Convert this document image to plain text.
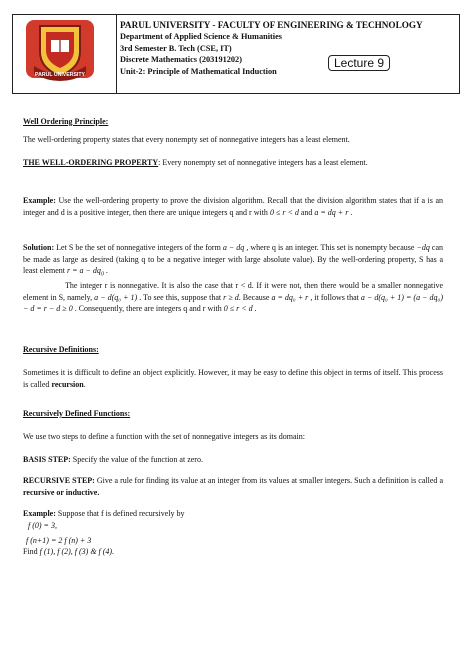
PARUL UNIVERSITY
PARUL UNIVERSITY - FACULTY OF ENGINEERING & TECHNOLOGY
Department of Applied Science & Humanities
3rd Semester B. Tech (CSE, IT)
Discrete Mathematics (203191202)
Unit-2: Principle of Mathematical Induction
Lecture 9
Well Ordering Principle:
The well-ordering property states that every nonempty set of nonnegative integers has a least element.
THE WELL-ORDERING PROPERTY: Every nonempty set of nonnegative integers has a least element.
Example: Use the well-ordering property to prove the division algorithm. Recall that the division algorithm states that if a is an integer and d is a positive integer, then there are unique integers q and r with 0 ≤ r < d and a = dq + r .
Solution: Let S be the set of nonnegative integers of the form a − dq , where q is an integer. This set is nonempty because −dq can be made as large as desired (taking q to be a negative integer with large absolute value). By the well-ordering property, S has a least element $r = a - dq_0$ .
The integer r is nonnegative. It is also the case that r < d. If it were not, then there would be a smaller nonnegative element in S, namely, a − d(q₀ + 1) . To see this, suppose that r ≥ d. Because a = dq₀ + r , it follows that a − d(q₀ + 1) = (a − dq₀) − d = r − d ≥ 0 . Consequently, there are integers q and r with 0 ≤ r < d .
Recursive Definitions:
Sometimes it is difficult to define an object explicitly. However, it may be easy to define this object in terms of itself. This process is called recursion.
Recursively Defined Functions:
We use two steps to define a function with the set of nonnegative integers as its domain:
BASIS STEP: Specify the value of the function at zero.
RECURSIVE STEP: Give a rule for finding its value at an integer from its values at smaller integers. Such a definition is called a recursive or inductive.
Example: Suppose that f is defined recursively by
f (0) = 3,
f (n+1) = 2 f (n) + 3
Find f (1), f (2), f (3) & f (4).
